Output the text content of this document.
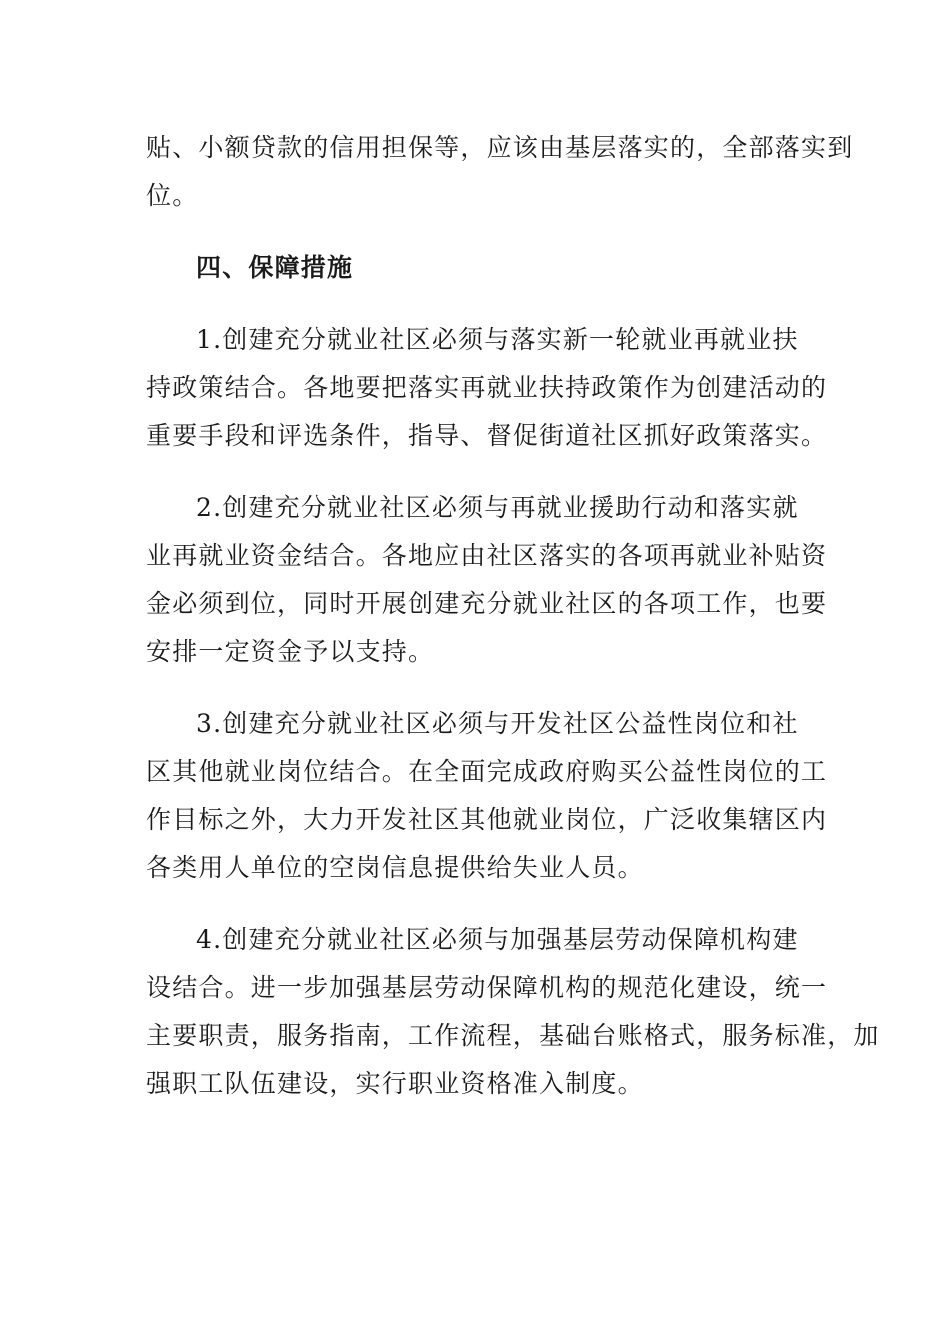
贴、小额贷款的信用担保等，应该由基层落实的，全部落实到
位。

四、保障措施

1.创建充分就业社区必须与落实新一轮就业再就业扶
持政策结合。各地要把落实再就业扶持政策作为创建活动的
重要手段和评选条件，指导、督促街道社区抓好政策落实。

2.创建充分就业社区必须与再就业援助行动和落实就
业再就业资金结合。各地应由社区落实的各项再就业补贴资
金必须到位，同时开展创建充分就业社区的各项工作，也要
安排一定资金予以支持。

3.创建充分就业社区必须与开发社区公益性岗位和社
区其他就业岗位结合。在全面完成政府购买公益性岗位的工
作目标之外，大力开发社区其他就业岗位，广泛收集辖区内
各类用人单位的空岗信息提供给失业人员。

4.创建充分就业社区必须与加强基层劳动保障机构建
设结合。进一步加强基层劳动保障机构的规范化建设，统一
主要职责，服务指南，工作流程，基础台账格式，服务标准，加
强职工队伍建设，实行职业资格准入制度。
